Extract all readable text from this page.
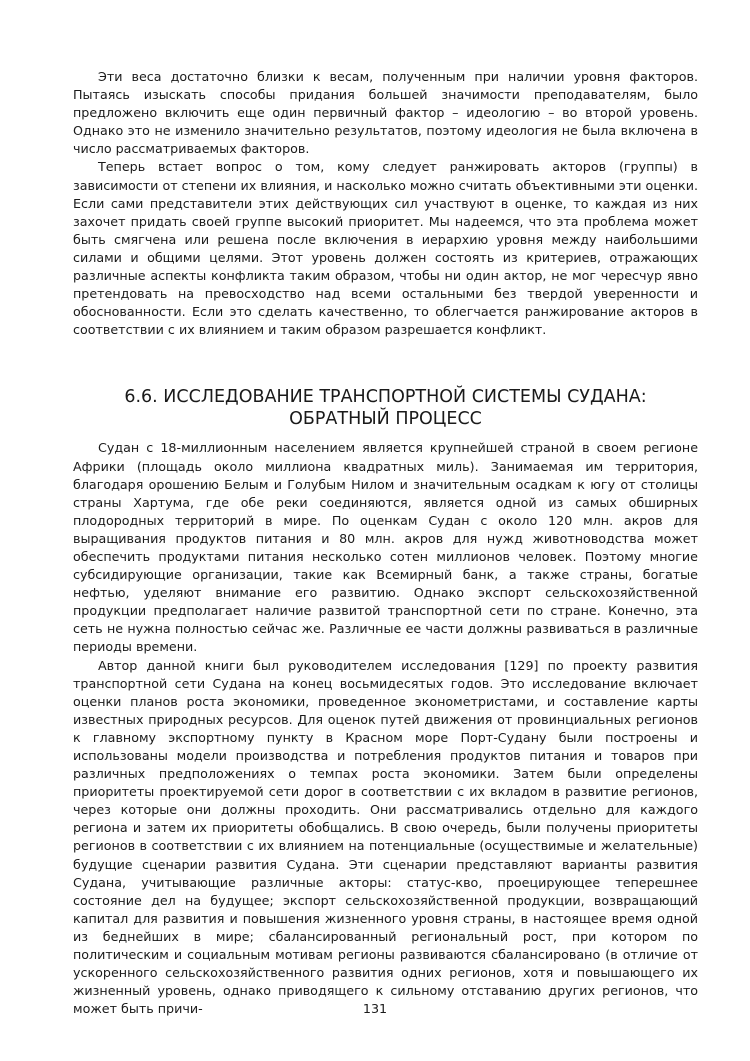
Эти веса достаточно близки к весам, полученным при наличии уровня факторов. Пытаясь изыскать способы придания большей значимости преподавателям, было предложено включить еще один первичный фактор – идеологию – во второй уровень. Однако это не изменило значительно результатов, поэтому идеология не была включена в число рассматриваемых факторов.

Теперь встает вопрос о том, кому следует ранжировать акторов (группы) в зависимости от степени их влияния, и насколько можно считать объективными эти оценки. Если сами представители этих действующих сил участвуют в оценке, то каждая из них захочет придать своей группе высокий приоритет. Мы надеемся, что эта проблема может быть смягчена или решена после включения в иерархию уровня между наибольшими силами и общими целями. Этот уровень должен состоять из критериев, отражающих различные аспекты конфликта таким образом, чтобы ни один актор, не мог чересчур явно претендовать на превосходство над всеми остальными без твердой уверенности и обоснованности. Если это сделать качественно, то облегчается ранжирование акторов в соответствии с их влиянием и таким образом разрешается конфликт.

6.6. ИССЛЕДОВАНИЕ ТРАНСПОРТНОЙ СИСТЕМЫ СУДАНА:
ОБРАТНЫЙ ПРОЦЕСС

Судан с 18-миллионным населением является крупнейшей страной в своем регионе Африки (площадь около миллиона квадратных миль). Занимаемая им территория, благодаря орошению Белым и Голубым Нилом и значительным осадкам к югу от столицы страны Хартума, где обе реки соединяются, является одной из самых обширных плодородных территорий в мире. По оценкам Судан с около 120 млн. акров для выращивания продуктов питания и 80 млн. акров для нужд животноводства может обеспечить продуктами питания несколько сотен миллионов человек. Поэтому многие субсидирующие организации, такие как Всемирный банк, а также страны, богатые нефтью, уделяют внимание его развитию. Однако экспорт сельскохозяйственной продукции предполагает наличие развитой транспортной сети по стране. Конечно, эта сеть не нужна полностью сейчас же. Различные ее части должны развиваться в различные периоды времени.

Автор данной книги был руководителем исследования [129] по проекту развития транспортной сети Судана на конец восьмидесятых годов. Это исследование включает оценки планов роста экономики, проведенное эконометристами, и составление карты известных природных ресурсов. Для оценок путей движения от провинциальных регионов к главному экспортному пункту в Красном море Порт-Судану были построены и использованы модели производства и потребления продуктов питания и товаров при различных предположениях о темпах роста экономики. Затем были определены приоритеты проектируемой сети дорог в соответствии с их вкладом в развитие регионов, через которые они должны проходить. Они рассматривались отдельно для каждого региона и затем их приоритеты обобщались. В свою очередь, были получены приоритеты регионов в соответствии с их влиянием на потенциальные (осуществимые и желательные) будущие сценарии развития Судана. Эти сценарии представляют варианты развития Судана, учитывающие различные акторы: статус-кво, проецирующее теперешнее состояние дел на будущее; экспорт сельскохозяйственной продукции, возвращающий капитал для развития и повышения жизненного уровня страны, в настоящее время одной из беднейших в мире; сбалансированный региональный рост, при котором по политическим и социальным мотивам регионы развиваются сбалансировано (в отличие от ускоренного сельскохозяйственного развития одних регионов, хотя и повышающего их жизненный уровень, однако приводящего к сильному отставанию других регионов, что может быть причи-	131
